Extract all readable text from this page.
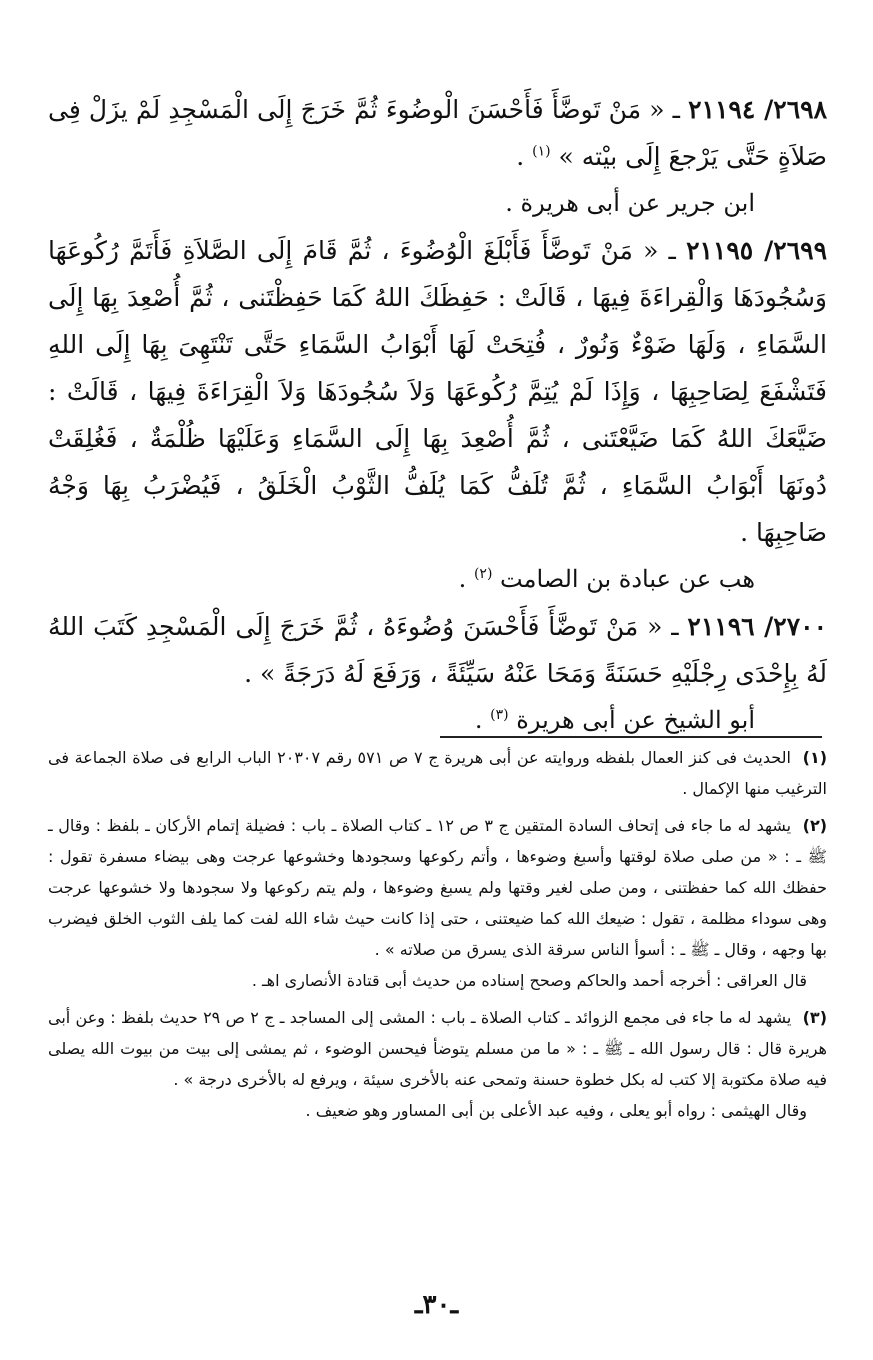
٢٦٩٨/ ٢١١٩٤ ـ « مَنْ تَوضَّأَ فَأَحْسَنَ الْوضُوءَ ثُمَّ خَرَجَ إِلَى الْمَسْجِدِ لَمْ يزَلْ فِى صَلاَةٍ حَتَّى يَرْجعَ إِلَى بيْته » $^{(١)}$ .

ابن جرير عن أبى هريرة .

٢٦٩٩/ ٢١١٩٥ ـ « مَنْ تَوضَّأَ فَأَبْلَغَ الْوُضُوءَ ، ثُمَّ قَامَ إِلَى الصَّلاَةِ فَأَتَمَّ رُكُوعَهَا وَسُجُودَهَا وَالْقِراءَةَ فِيهَا ، قَالَتْ : حَفِظَكَ اللهُ كَمَا حَفِظْتَنى ، ثُمَّ أُصْعِدَ بِهَا إِلَى السَّمَاءِ ، وَلَهَا ضَوْءٌ وَنُورٌ ، فُتِحَتْ لَهَا أَبْوَابُ السَّمَاءِ حَتَّى تَنْتَهِىَ بِهَا إِلَى اللهِ فَتَشْفَعَ لِصَاحِبِهَا ، وَإِذَا لَمْ يُتِمَّ رُكُوعَهَا وَلاَ سُجُودَهَا وَلاَ الْقِرَاءَةَ فِيهَا ، قَالَتْ : ضَيَّعَكَ اللهُ كَمَا ضَيَّعْتَنى ، ثُمَّ أُصْعِدَ بِهَا إِلَى السَّمَاءِ وَعَلَيْهَا ظُلْمَةٌ ، فَغُلِقَتْ دُونَهَا أَبْوَابُ السَّمَاءِ ، ثُمَّ تُلَفُّ كَمَا يُلَفُّ الثَّوْبُ الْخَلَقُ ، فَيُضْرَبُ بِهَا وَجْهُ صَاحِبِهَا .

هب عن عبادة بن الصامت $^{(٢)}$ .

٢٧٠٠/ ٢١١٩٦ ـ « مَنْ تَوضَّأَ فَأَحْسَنَ وُضُوءَهُ ، ثُمَّ خَرَجَ إِلَى الْمَسْجِدِ كَتَبَ اللهُ لَهُ بِإِحْدَى رِجْلَيْهِ حَسَنَةً وَمَحَا عَنْهُ سَيِّئَةً ، وَرَفَعَ لَهُ دَرَجَةً » .

أبو الشيخ عن أبى هريرة $^{(٣)}$ .

(١) الحديث فى كنز العمال بلفظه وروايته عن أبى هريرة ج ٧ ص ٥٧١ رقم ٢٠٣٠٧ الباب الرابع فى صلاة الجماعة فى الترغيب منها الإكمال .

(٢) يشهد له ما جاء فى إتحاف السادة المتقين ج ٣ ص ١٢ ـ كتاب الصلاة ـ باب : فضيلة إتمام الأركان ـ بلفظ : وقال ـ ﷺ ـ : « من صلى صلاة لوقتها وأسبغ وضوءها ، وأتم ركوعها وسجودها وخشوعها عرجت وهى بيضاء مسفرة تقول : حفظك الله كما حفظتنى ، ومن صلى لغير وقتها ولم يسبغ وضوءها ، ولم يتم ركوعها ولا سجودها ولا خشوعها عرجت وهى سوداء مظلمة ، تقول : ضيعك الله كما ضيعتنى ، حتى إذا كانت حيث شاء الله لفت كما يلف الثوب الخلق فيضرب بها وجهه ، وقال ـ ﷺ ـ : أسوأ الناس سرقة الذى يسرق من صلاته » .

قال العراقى : أخرجه أحمد والحاكم وصحح إسناده من حديث أبى قتادة الأنصارى اهـ .

(٣) يشهد له ما جاء فى مجمع الزوائد ـ كتاب الصلاة ـ باب : المشى إلى المساجد ـ ج ٢ ص ٢٩ حديث بلفظ : وعن أبى هريرة قال : قال رسول الله ـ ﷺ ـ : « ما من مسلم يتوضأ فيحسن الوضوء ، ثم يمشى إلى بيت من بيوت الله يصلى فيه صلاة مكتوبة إلا كتب له بكل خطوة حسنة وتمحى عنه بالأخرى سيئة ، ويرفع له بالأخرى درجة » .

وقال الهيثمى : رواه أبو يعلى ، وفيه عبد الأعلى بن أبى المساور وهو ضعيف .

ـ٣٠ـ
